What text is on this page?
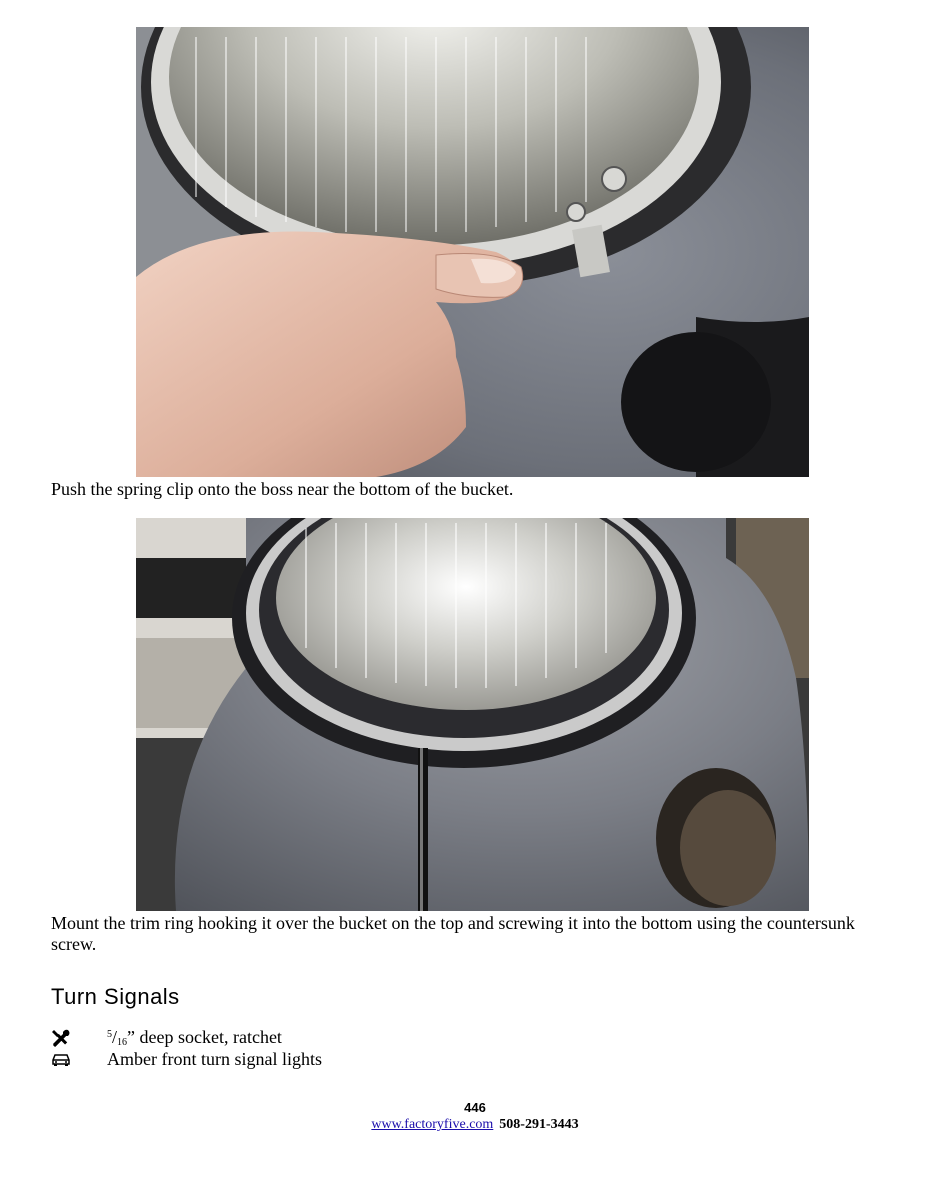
Push the spring clip onto the boss near the bottom of the bucket.
Mount the trim ring hooking it over the bucket on the top and screwing it into the bottom using the countersunk screw.
Turn Signals
$^5/_{16}$” deep socket, ratchet
Amber front turn signal lights
446
www.factoryfive.com 508-291-3443
